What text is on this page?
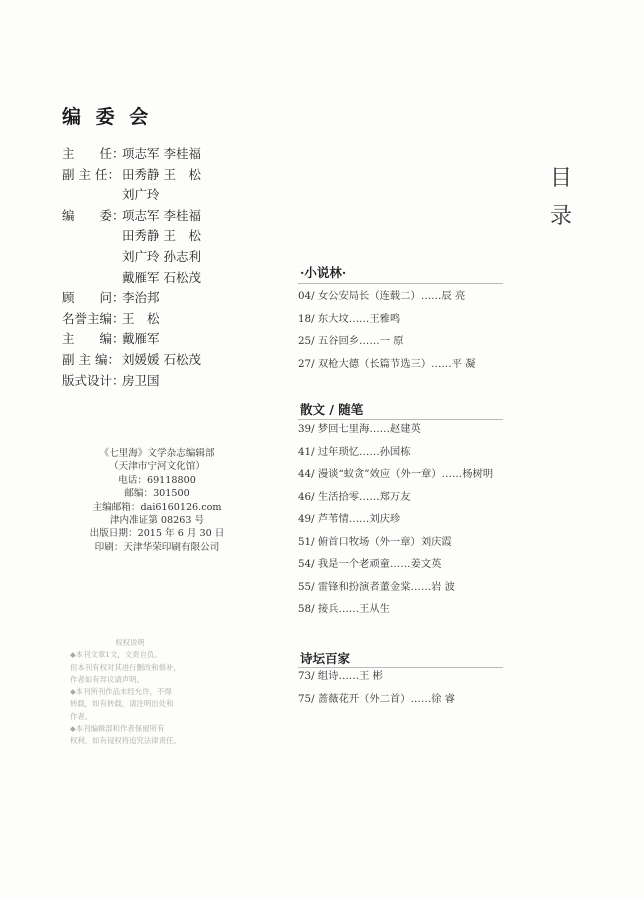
编 委 会
主　　任：
项志军 李桂福
副 主 任： 田秀静 王　松
刘广玲
编　　委：
项志军 李桂福
田秀静 王　松
刘广玲 孙志利
戴雁军 石松茂
顾　　问：
李治邦
名誉主编：
王　松
主　　编：
戴雁军
副 主 编： 刘媛媛 石松茂
版式设计：
房卫国
《七里海》文学杂志编辑部
（天津市宁河文化馆）
电话：69118800
邮编：301500
主编邮箱：dai6160126.com
津内准证第 08263 号
出版日期：2015 年 6 月 30 日
印刷：天津华荣印刷有限公司
权权说明
◆本刊文章1文，文责自负。
但本刊有权对其进行删改和修补，
作者如有异议请声明。
◆本刊所刊作品未经允许，不得
转载，如有转载，请注明出处和
作者。
◆本刊编辑部和作者保留所有
权利，如有侵权将追究法律责任。
目
录
·小说林·
04/ 女公安局长（连载二）……辰 亮
18/ 东大坟……王雅鸣
25/ 五谷回乡……一 原
27/ 双枪大德（长篇节选三）……平 凝
散文 / 随笔
39/ 梦回七里海……赵建英
41/ 过年琐忆……孙国栋
44/ 漫谈“蚁贪”效应（外一章）……杨树明
46/ 生活拾零……郑万友
49/ 芦苇情……刘庆珍
51/ 俯首口牧场（外一章）刘庆霞
54/ 我是一个老顽童……姜文英
55/ 雷锋和扮演者董金棠……岩 波
58/ 接兵……王从生
诗坛百家
73/ 组诗……王 彬
75/ 蔷薇花开（外二首）……徐 睿
